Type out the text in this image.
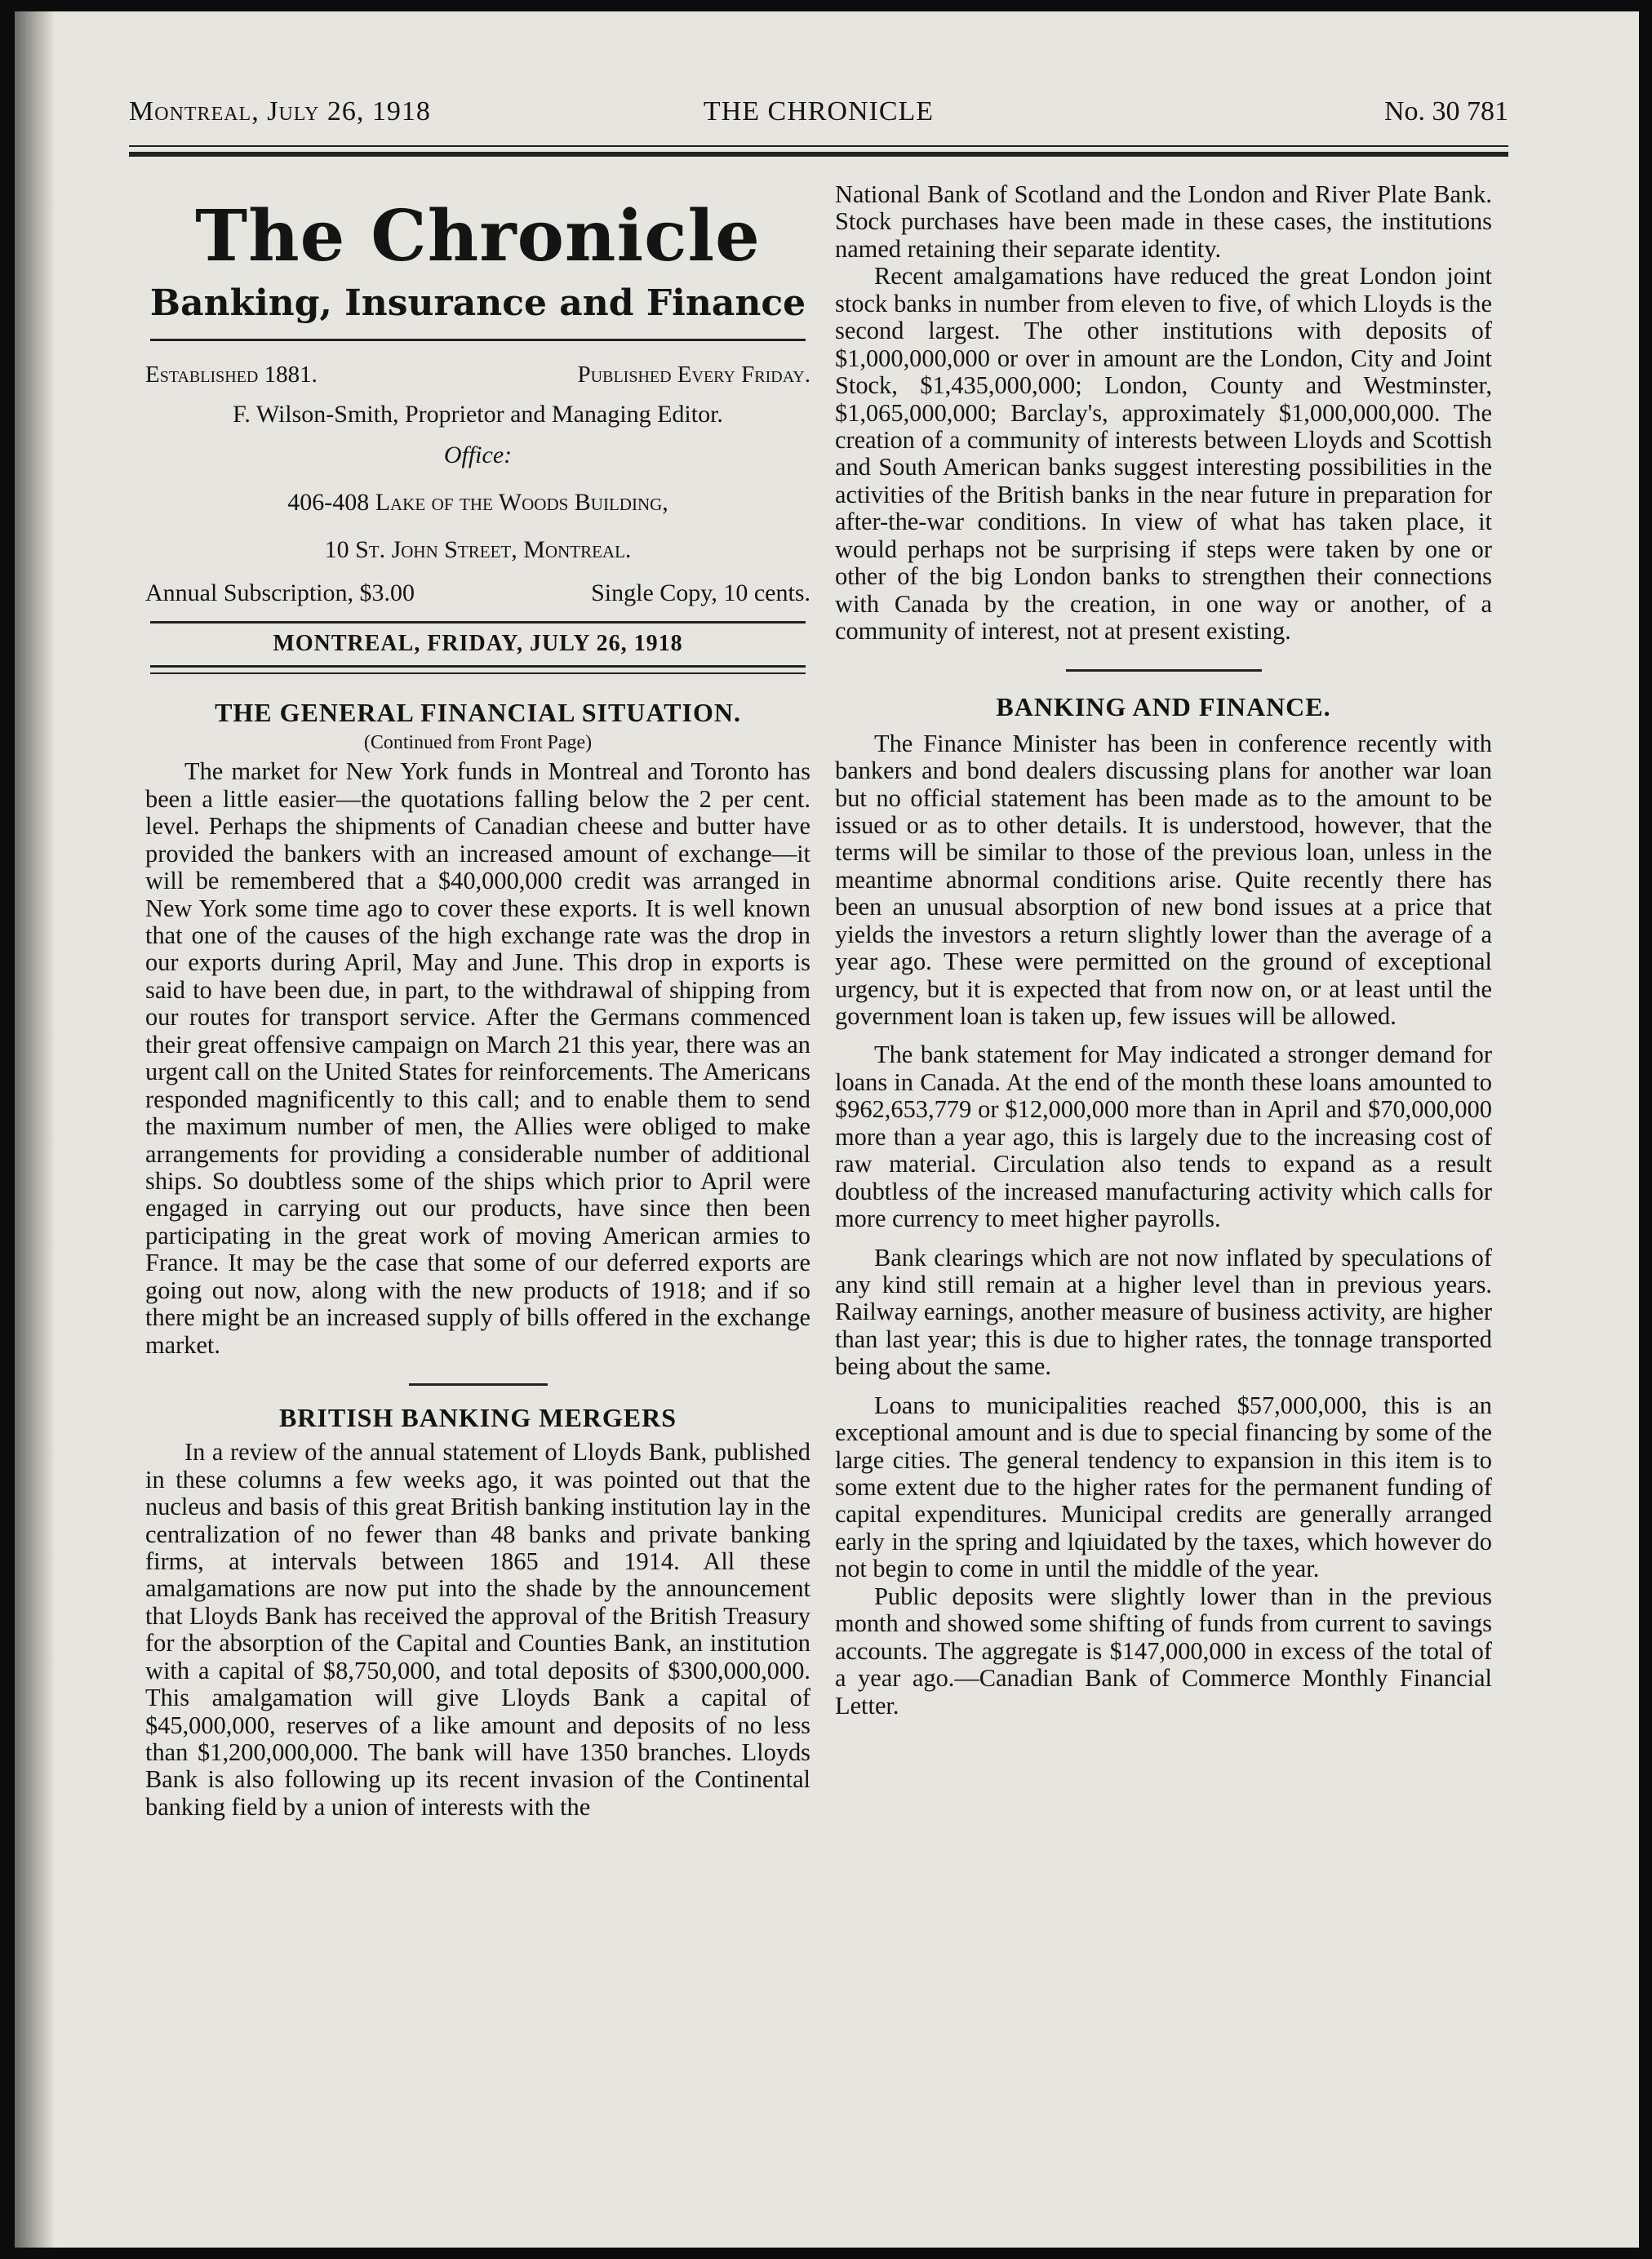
Montreal, July 26, 1918	THE CHRONICLE	No. 30 781
The Chronicle
Banking, Insurance and Finance
Established 1881.	Published Every Friday.
F. Wilson-Smith, Proprietor and Managing Editor.
Office:
406-408 Lake of the Woods Building,
10 St. John Street, Montreal.
Annual Subscription, $3.00	Single Copy, 10 cents.
MONTREAL, FRIDAY, JULY 26, 1918
THE GENERAL FINANCIAL SITUATION.
(Continued from Front Page)

The market for New York funds in Montreal and Toronto has been a little easier—the quotations falling below the 2 per cent. level. Perhaps the shipments of Canadian cheese and butter have provided the bankers with an increased amount of exchange—it will be remembered that a $40,000,000 credit was arranged in New York some time ago to cover these exports. It is well known that one of the causes of the high exchange rate was the drop in our exports during April, May and June. This drop in exports is said to have been due, in part, to the withdrawal of shipping from our routes for transport service. After the Germans commenced their great offensive campaign on March 21 this year, there was an urgent call on the United States for reinforcements. The Americans responded magnificently to this call; and to enable them to send the maximum number of men, the Allies were obliged to make arrangements for providing a considerable number of additional ships. So doubtless some of the ships which prior to April were engaged in carrying out our products, have since then been participating in the great work of moving American armies to France. It may be the case that some of our deferred exports are going out now, along with the new products of 1918; and if so there might be an increased supply of bills offered in the exchange market.

BRITISH BANKING MERGERS

In a review of the annual statement of Lloyds Bank, published in these columns a few weeks ago, it was pointed out that the nucleus and basis of this great British banking institution lay in the centralization of no fewer than 48 banks and private banking firms, at intervals between 1865 and 1914. All these amalgamations are now put into the shade by the announcement that Lloyds Bank has received the approval of the British Treasury for the absorption of the Capital and Counties Bank, an institution with a capital of $8,750,000, and total deposits of $300,000,000. This amalgamation will give Lloyds Bank a capital of $45,000,000, reserves of a like amount and deposits of no less than $1,200,000,000. The bank will have 1350 branches. Lloyds Bank is also following up its recent invasion of the Continental banking field by a union of interests with the

National Bank of Scotland and the London and River Plate Bank. Stock purchases have been made in these cases, the institutions named retaining their separate identity.

Recent amalgamations have reduced the great London joint stock banks in number from eleven to five, of which Lloyds is the second largest. The other institutions with deposits of $1,000,000,000 or over in amount are the London, City and Joint Stock, $1,435,000,000; London, County and Westminster, $1,065,000,000; Barclay's, approximately $1,000,000,000. The creation of a community of interests between Lloyds and Scottish and South American banks suggest interesting possibilities in the activities of the British banks in the near future in preparation for after-the-war conditions. In view of what has taken place, it would perhaps not be surprising if steps were taken by one or other of the big London banks to strengthen their connections with Canada by the creation, in one way or another, of a community of interest, not at present existing.

BANKING AND FINANCE.

The Finance Minister has been in conference recently with bankers and bond dealers discussing plans for another war loan but no official statement has been made as to the amount to be issued or as to other details. It is understood, however, that the terms will be similar to those of the previous loan, unless in the meantime abnormal conditions arise. Quite recently there has been an unusual absorption of new bond issues at a price that yields the investors a return slightly lower than the average of a year ago. These were permitted on the ground of exceptional urgency, but it is expected that from now on, or at least until the government loan is taken up, few issues will be allowed.

The bank statement for May indicated a stronger demand for loans in Canada. At the end of the month these loans amounted to $962,653,779 or $12,000,000 more than in April and $70,000,000 more than a year ago, this is largely due to the increasing cost of raw material. Circulation also tends to expand as a result doubtless of the increased manufacturing activity which calls for more currency to meet higher payrolls.

Bank clearings which are not now inflated by speculations of any kind still remain at a higher level than in previous years. Railway earnings, another measure of business activity, are higher than last year; this is due to higher rates, the tonnage transported being about the same.

Loans to municipalities reached $57,000,000, this is an exceptional amount and is due to special financing by some of the large cities. The general tendency to expansion in this item is to some extent due to the higher rates for the permanent funding of capital expenditures. Municipal credits are generally arranged early in the spring and lqiuidated by the taxes, which however do not begin to come in until the middle of the year.

Public deposits were slightly lower than in the previous month and showed some shifting of funds from current to savings accounts. The aggregate is $147,000,000 in excess of the total of a year ago.—Canadian Bank of Commerce Monthly Financial Letter.
